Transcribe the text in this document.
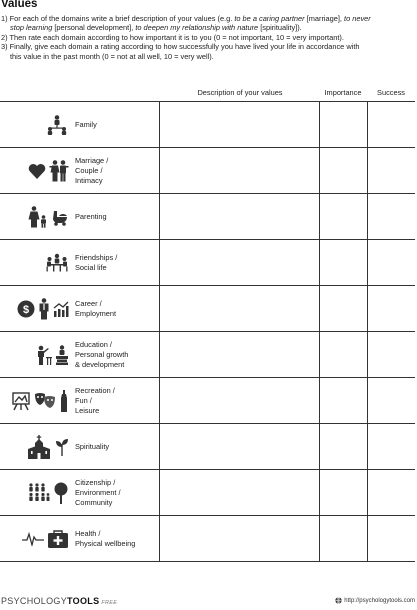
Values

1) For each of the domains write a brief description of your values (e.g. to be a caring partner [marriage], to never

stop learning [personal development], to deepen my relationship with nature [spirituality]).

2) Then rate each domain according to how important it is to you (0 = not important, 10 = very important).

3) Finally, give each domain a rating according to how successfully you have lived your life in accordance with

this value in the past month (0 = not at all well, 10 = very well).

Description of your values	Importance	Success

Family			

Marriage /
Couple /
Intimacy			

Parenting			

Friendships /
Social life			

$	Career /
Employment			

Education /
Personal growth
& development			

Recreation /
Fun /
Leisure			

Spirituality			

Citizenship /
Environment /
Community			

Health /
Physical wellbeing			

PSYCHOLOGYTOOLS FREE	http://psychologytools.com
